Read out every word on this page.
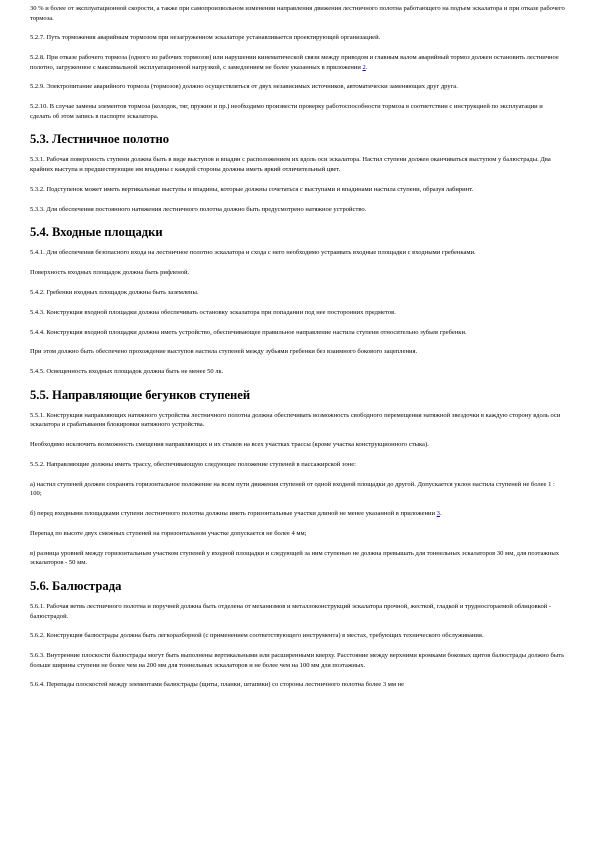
30 % и более от эксплуатационной скорости, а также при самопроизвольном изменении направления движения лестничного полотна работающего на подъем эскалатора и при отказе рабочего тормоза.
5.2.7. Путь торможения аварийным тормозом при незагруженном эскалаторе устанавливается проектирующей организацией.
5.2.8. При отказе рабочего тормоза (одного из рабочих тормозов) или нарушении кинематической связи между приводом и главным валом аварийный тормоз должен остановить лестничное полотно, загруженное с максимальной эксплуатационной нагрузкой, с замедлением не более указанных в приложении 2.
5.2.9. Электропитание аварийного тормоза (тормозов) должно осуществляться от двух независимых источников, автоматически заменяющих друг друга.
5.2.10. В случае замены элементов тормоза (колодок, тяг, пружин и пр.) необходимо произвести проверку работоспособности тормоза в соответствии с инструкцией по эксплуатации и сделать об этом запись в паспорте эскалатора.
5.3. Лестничное полотно
5.3.1. Рабочая поверхность ступени должна быть в виде выступов и впадин с расположением их вдоль оси эскалатора. Настил ступени должен оканчиваться выступом у балюстрады. Два крайних выступа и предшествующие им впадины с каждой стороны должны иметь яркий отличительный цвет.
5.3.2. Подступенок может иметь вертикальные выступы и впадины, которые должны сочетаться с выступами и впадинами настила ступени, образуя лабиринт.
5.3.3. Для обеспечения постоянного натяжения лестничного полотна должно быть предусмотрено натяжное устройство.
5.4. Входные площадки
5.4.1. Для обеспечения безопасного входа на лестничное полотно эскалатора и схода с него необходимо устраивать входные площадки с входными гребенками.
Поверхность входных площадок должна быть рифленой.
5.4.2. Гребенки входных площадок должны быть заземлены.
5.4.3. Конструкция входной площадки должна обеспечивать остановку эскалатора при попадании под нее посторонних предметов.
5.4.4. Конструкция входной площадки должна иметь устройство, обеспечивающее правильное направление настила ступени относительно зубьев гребенки.
При этом должно быть обеспечено прохождение выступов настила ступеней между зубьями гребенки без взаимного бокового зацепления.
5.4.5. Освещенность входных площадок должна быть не менее 50 лк.
5.5. Направляющие бегунков ступеней
5.5.1. Конструкция направляющих натяжного устройства лестничного полотна должна обеспечивать возможность свободного перемещения натяжной звездочки в каждую сторону вдоль оси эскалатора и срабатывания блокировки натяжного устройства.
Необходимо исключить возможность смещения направляющих и их стыков на всех участках трассы (кроме участка конструкционного стыка).
5.5.2. Направляющие должны иметь трассу, обеспечивающую следующее положение ступеней в пассажирской зоне:
а) настил ступеней должен сохранять горизонтальное положение на всем пути движения ступеней от одной входной площадки до другой. Допускается уклон настила ступеней не более 1 : 100;
б) перед входными площадками ступени лестничного полотна должны иметь горизонтальные участки длиной не менее указанной в приложении 3.
Перепад по высоте двух смежных ступеней на горизонтальном участке допускается не более 4 мм;
в) разница уровней между горизонтальным участком ступеней у входной площадки и следующей за ним ступенью не должна превышать для тоннельных эскалаторов 30 мм, для поэтажных эскалаторов - 50 мм.
5.6. Балюстрада
5.6.1. Рабочая ветвь лестничного полотна и поручней должна быть отделена от механизмов и металлоконструкций эскалатора прочной, жесткой, гладкой и трудносгораемой облицовкой - балюстрадой.
5.6.2. Конструкция балюстрады должна быть легкоразборной (с применением соответствующего инструмента) в местах, требующих технического обслуживания.
5.6.3. Внутренние плоскости балюстрады могут быть выполнены вертикальными или расширенными кверху. Расстояние между верхними кромками боковых щитов балюстрады должно быть больше ширины ступени не более чем на 200 мм для тоннельных эскалаторов и не более чем на 100 мм для поэтажных.
5.6.4. Перепады плоскостей между элементами балюстрады (щиты, планки, штапики) со стороны лестничного полотна более 3 мм не
